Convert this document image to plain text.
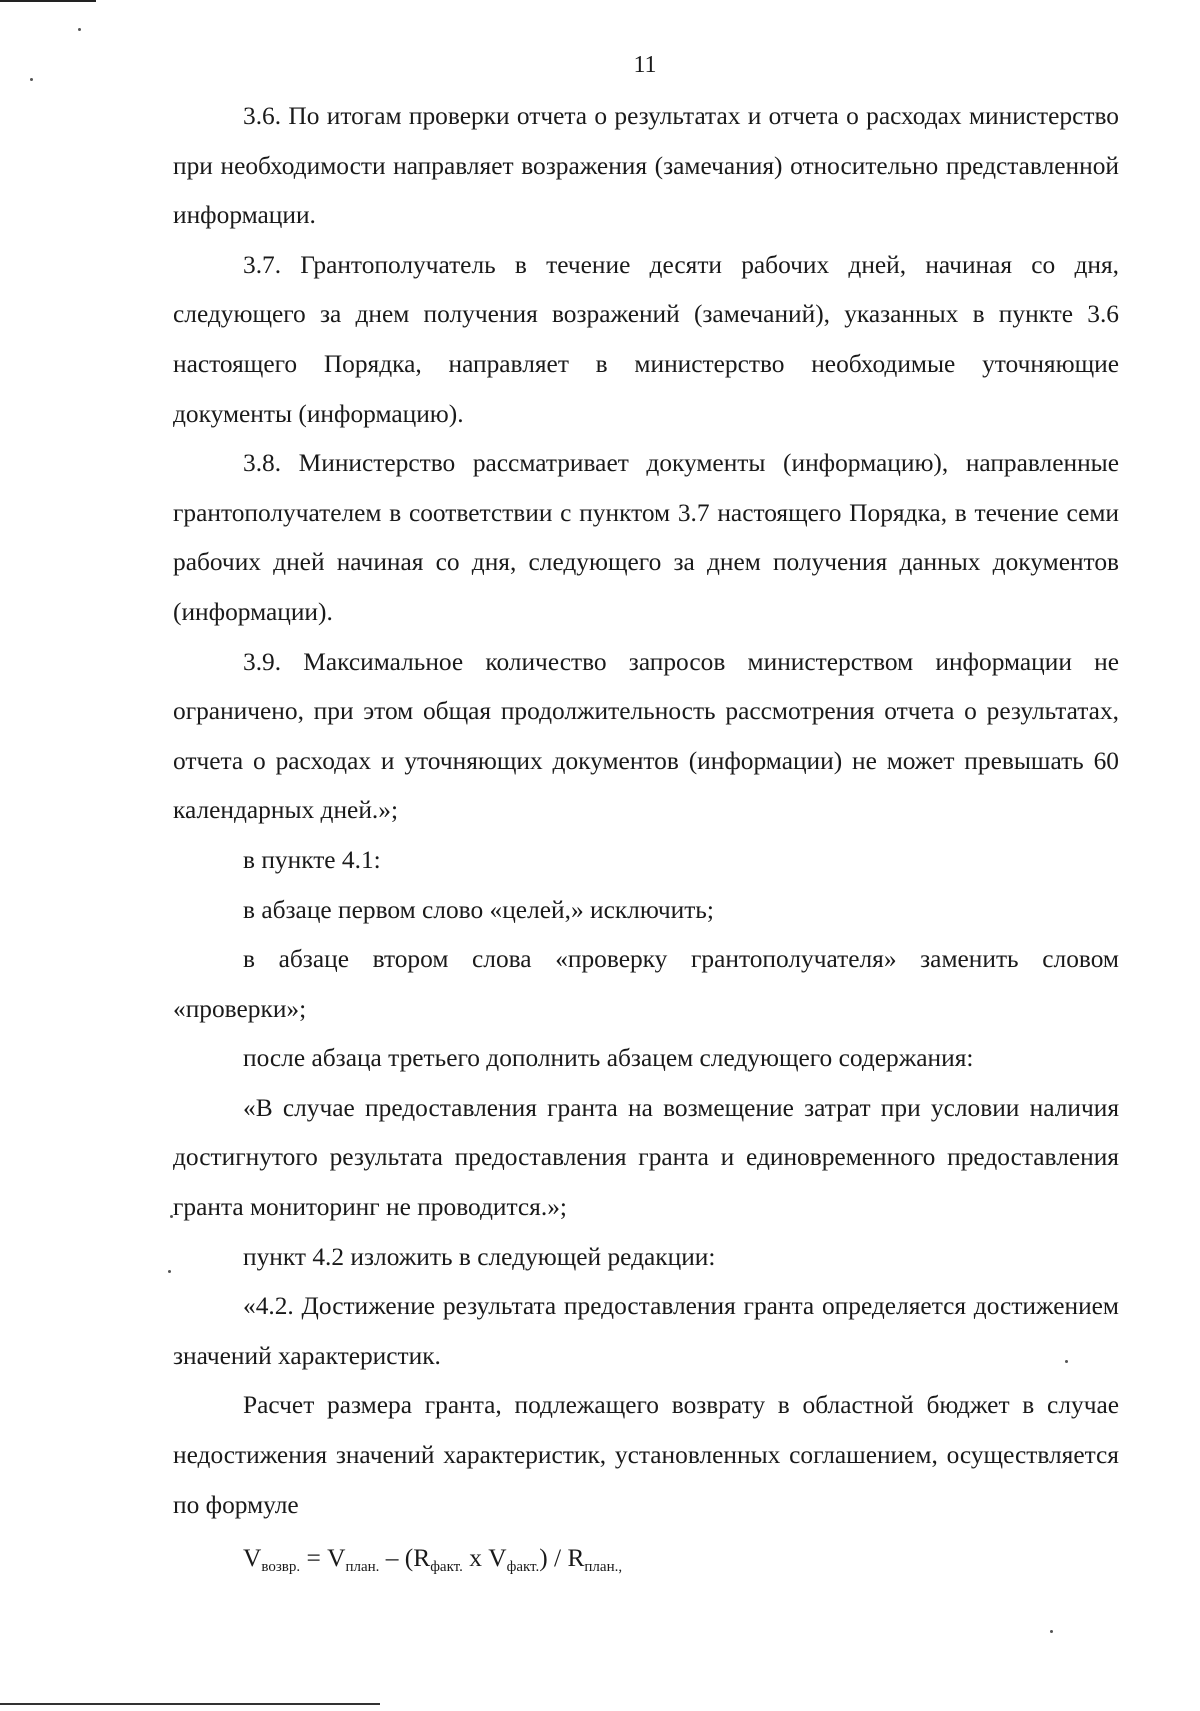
11

3.6. По итогам проверки отчета о результатах и отчета о расходах министерство при необходимости направляет возражения (замечания) относительно представленной информации.

3.7. Грантополучатель в течение десяти рабочих дней, начиная со дня, следующего за днем получения возражений (замечаний), указанных в пункте 3.6 настоящего Порядка, направляет в министерство необходимые уточняющие документы (информацию).

3.8. Министерство рассматривает документы (информацию), направленные грантополучателем в соответствии с пунктом 3.7 настоящего Порядка, в течение семи рабочих дней начиная со дня, следующего за днем получения данных документов (информации).

3.9. Максимальное количество запросов министерством информации не ограничено, при этом общая продолжительность рассмотрения отчета о результатах, отчета о расходах и уточняющих документов (информации) не может превышать 60 календарных дней.»;

в пункте 4.1:

в абзаце первом слово «целей,» исключить;

в абзаце втором слова «проверку грантополучателя» заменить словом «проверки»;

после абзаца третьего дополнить абзацем следующего содержания:

«В случае предоставления гранта на возмещение затрат при условии наличия достигнутого результата предоставления гранта и единовременного предоставления гранта мониторинг не проводится.»;

пункт 4.2 изложить в следующей редакции:

«4.2. Достижение результата предоставления гранта определяется достижением значений характеристик.

Расчет размера гранта, подлежащего возврату в областной бюджет в случае недостижения значений характеристик, установленных соглашением, осуществляется по формуле

$V_{возвр.} = V_{план.} - (R_{факт.}$ х $V_{факт.}) / R_{план.,}$
